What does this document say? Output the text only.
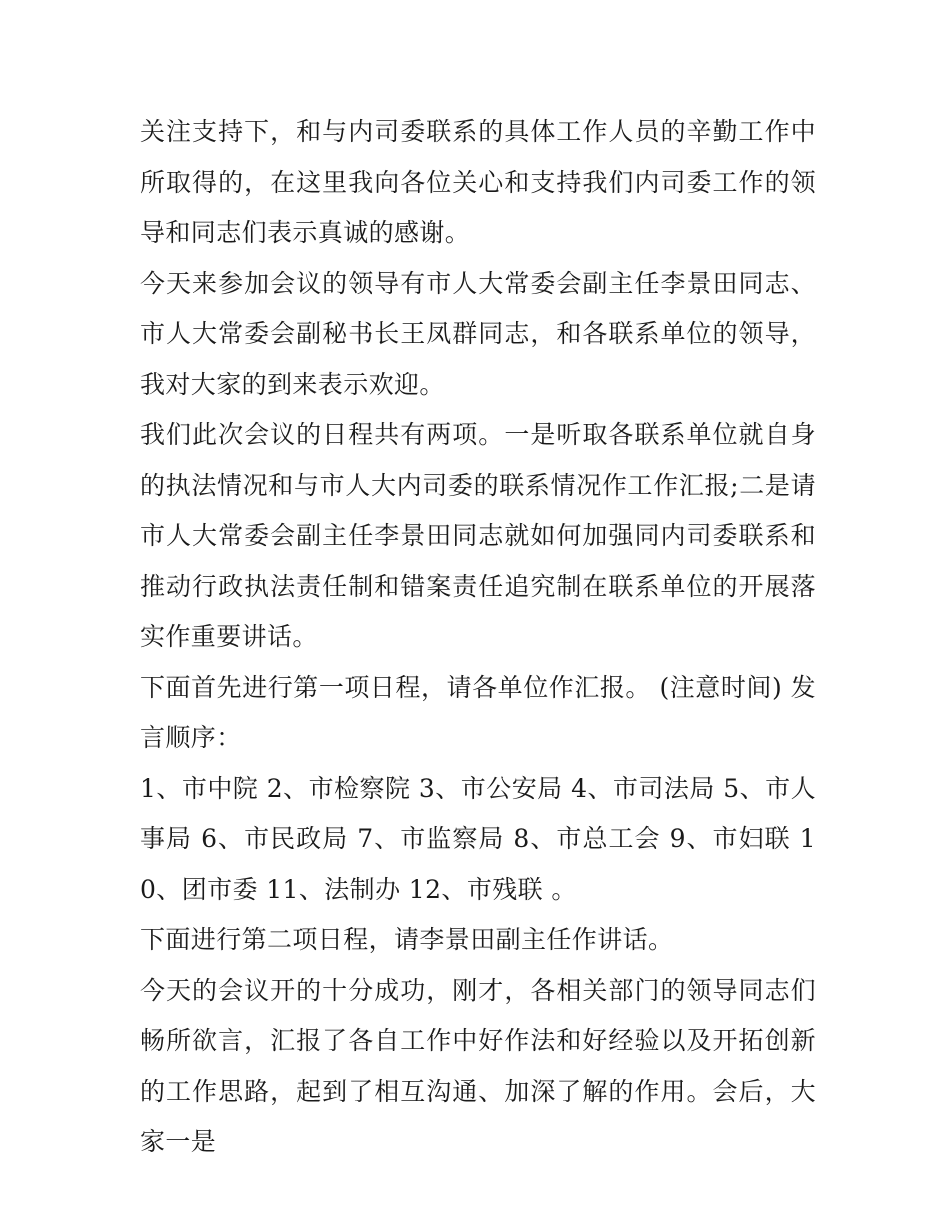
关注支持下，和与内司委联系的具体工作人员的辛勤工作中所取得的，在这里我向各位关心和支持我们内司委工作的领导和同志们表示真诚的感谢。

今天来参加会议的领导有市人大常委会副主任李景田同志、市人大常委会副秘书长王凤群同志，和各联系单位的领导，我对大家的到来表示欢迎。

我们此次会议的日程共有两项。一是听取各联系单位就自身的执法情况和与市人大内司委的联系情况作工作汇报;二是请市人大常委会副主任李景田同志就如何加强同内司委联系和推动行政执法责任制和错案责任追究制在联系单位的开展落实作重要讲话。

下面首先进行第一项日程，请各单位作汇报。 (注意时间) 发言顺序：

1、市中院 2、市检察院 3、市公安局 4、市司法局 5、市人事局 6、市民政局 7、市监察局 8、市总工会 9、市妇联 10、团市委 11、法制办 12、市残联 。

下面进行第二项日程，请李景田副主任作讲话。

今天的会议开的十分成功，刚才，各相关部门的领导同志们畅所欲言，汇报了各自工作中好作法和好经验以及开拓创新的工作思路，起到了相互沟通、加深了解的作用。会后，大家一是
